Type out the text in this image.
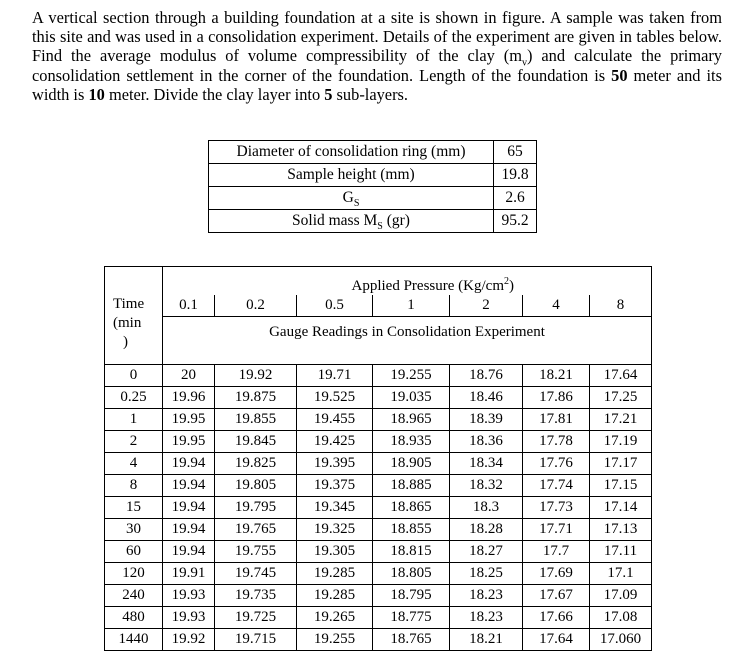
A vertical section through a building foundation at a site is shown in figure. A sample was taken from this site and was used in a consolidation experiment. Details of the experiment are given in tables below. Find the average modulus of volume compressibility of the clay $(m_v)$ and calculate the primary consolidation settlement in the corner of the foundation. Length of the foundation is 50 meter and its width is 10 meter. Divide the clay layer into 5 sub-layers.

Diameter of consolidation ring (mm)	65
Sample height (mm)	19.8
$G_S$	2.6
Solid mass $M_S$ (gr)	95.2
		Applied Pressure $(Kg/cm^2)$					

Time
(min
)	0.1	0.2	0.5	1	2	4	8
	Gauge Readings in Consolidation Experiment						
0	20	19.92	19.71	19.255	18.76	18.21	17.64
0.25	19.96	19.875	19.525	19.035	18.46	17.86	17.25
1	19.95	19.855	19.455	18.965	18.39	17.81	17.21
2	19.95	19.845	19.425	18.935	18.36	17.78	17.19
4	19.94	19.825	19.395	18.905	18.34	17.76	17.17
8	19.94	19.805	19.375	18.885	18.32	17.74	17.15
15	19.94	19.795	19.345	18.865	18.3	17.73	17.14
30	19.94	19.765	19.325	18.855	18.28	17.71	17.13
60	19.94	19.755	19.305	18.815	18.27	17.7	17.11
120	19.91	19.745	19.285	18.805	18.25	17.69	17.1
240	19.93	19.735	19.285	18.795	18.23	17.67	17.09
480	19.93	19.725	19.265	18.775	18.23	17.66	17.08
1440	19.92	19.715	19.255	18.765	18.21	17.64	17.060
